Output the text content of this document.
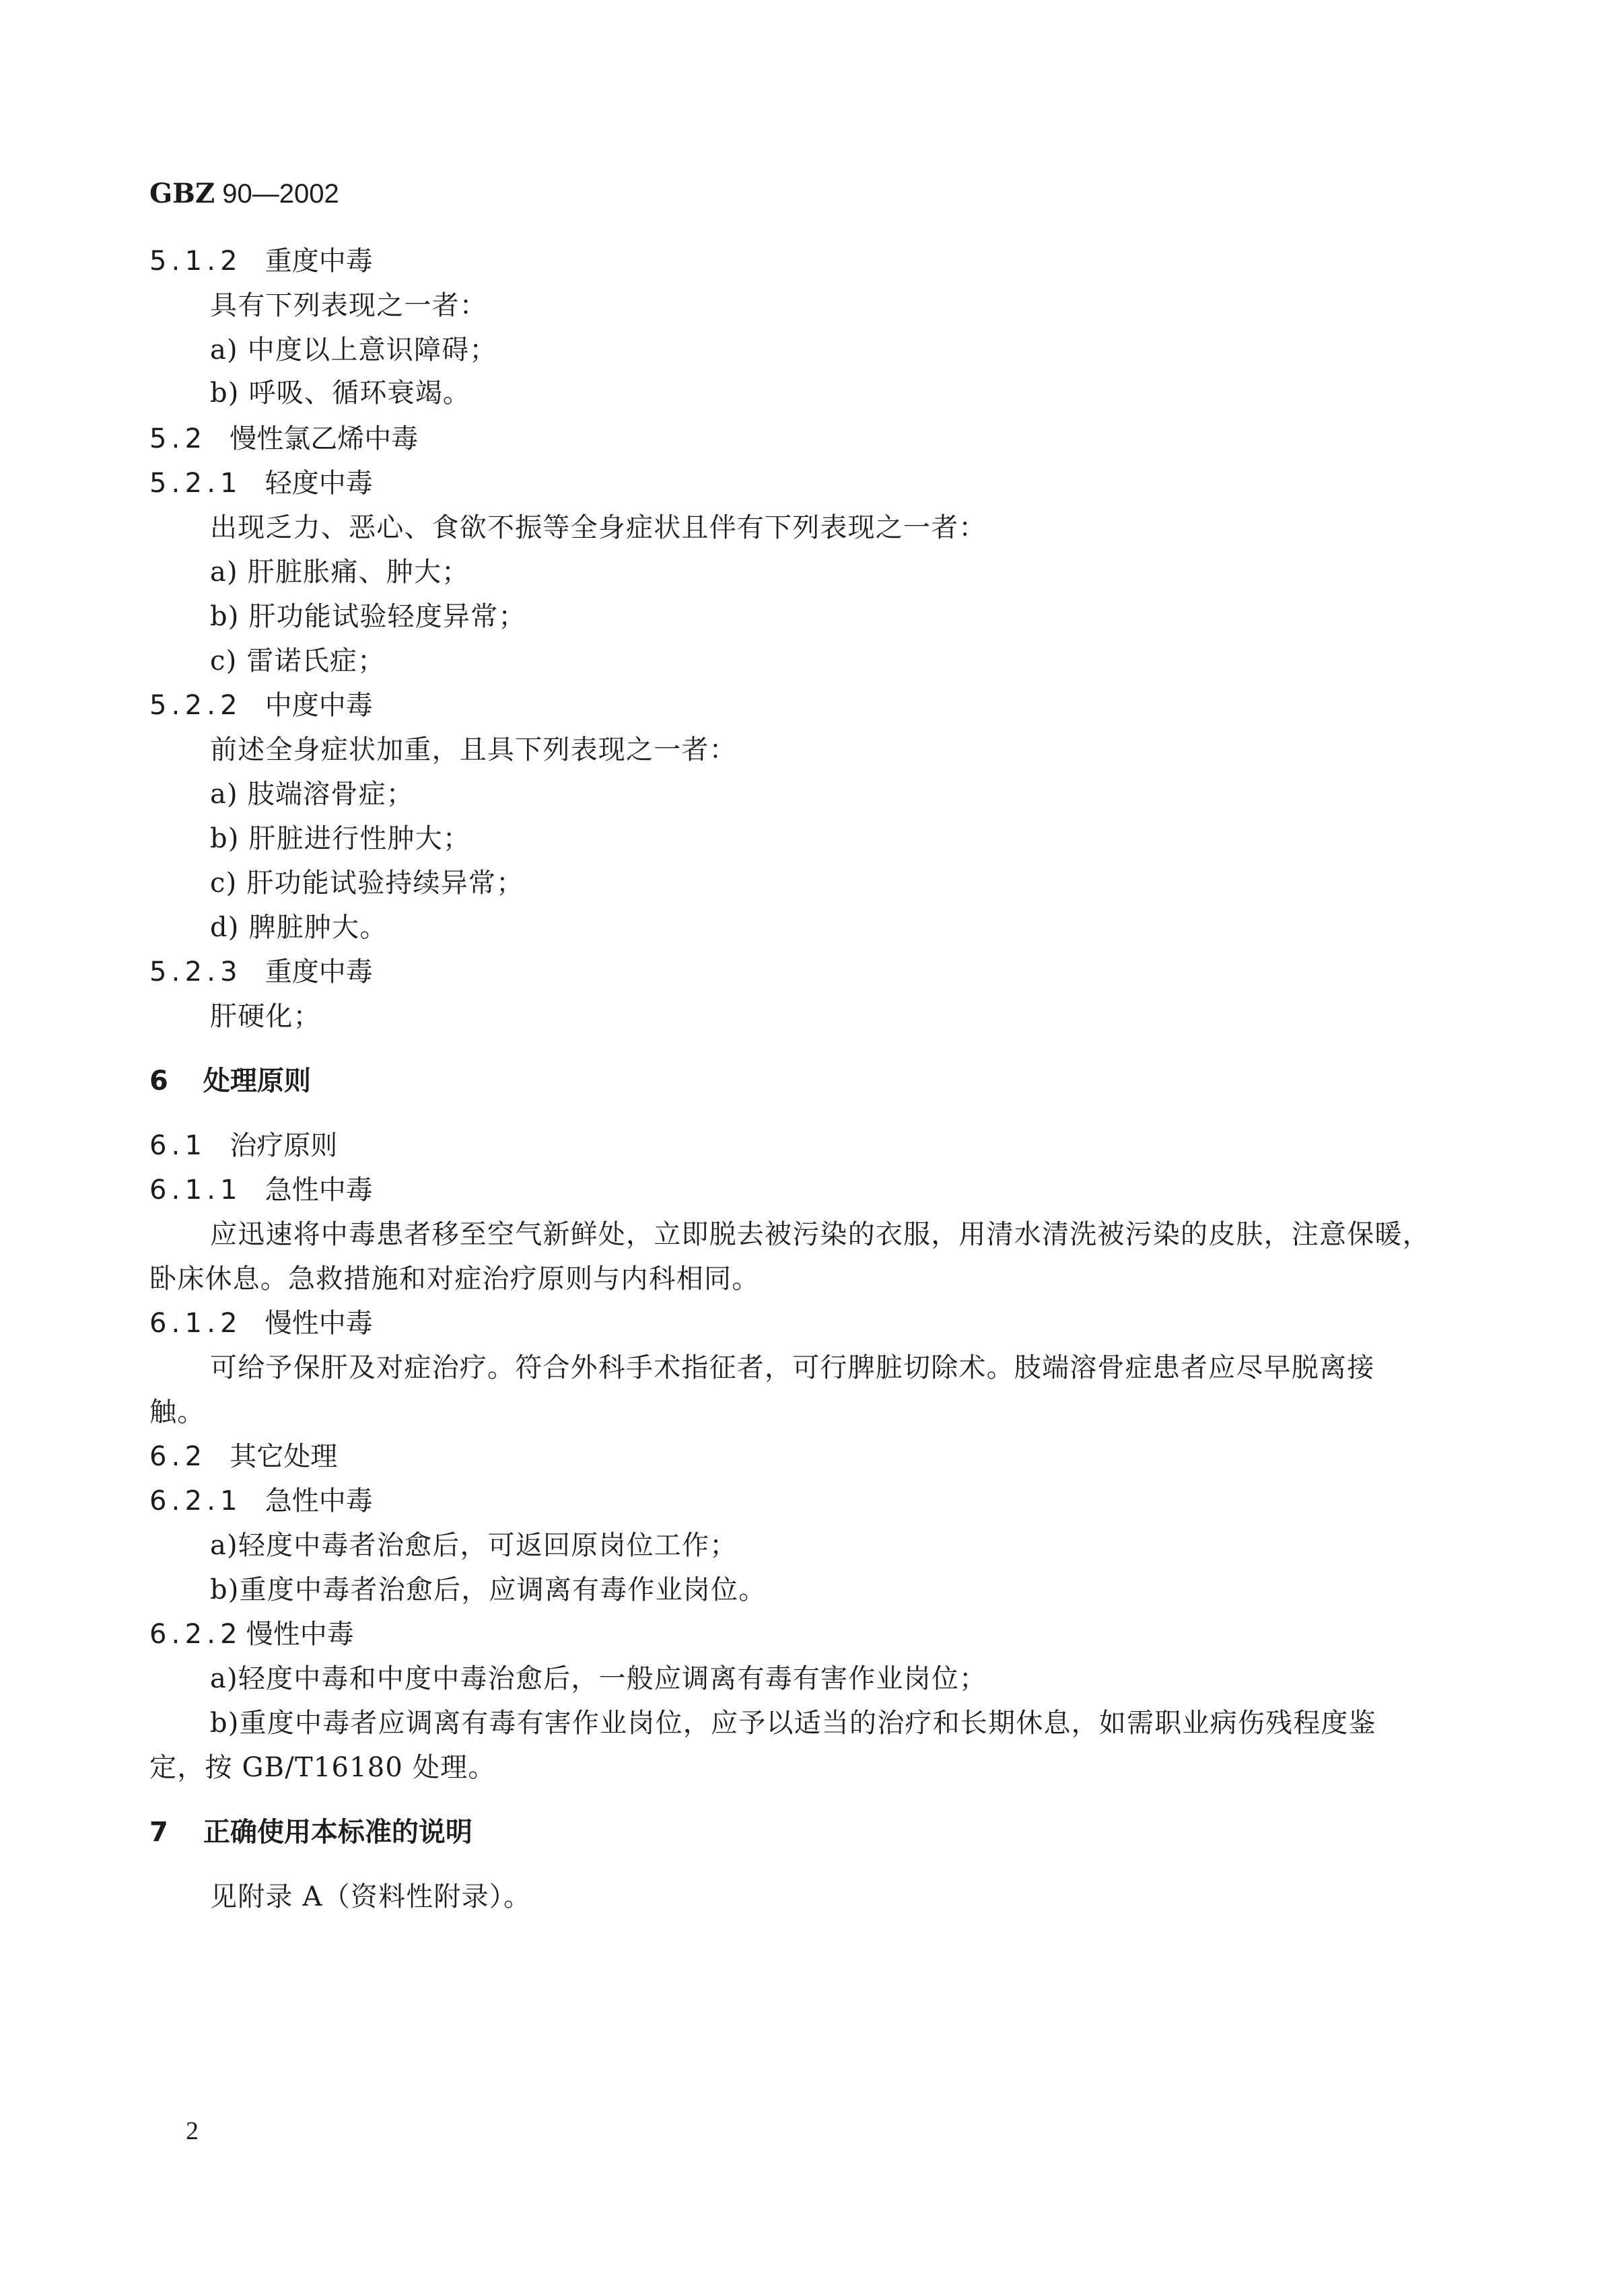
GBZ 90—2002
5.1.2 重度中毒
具有下列表现之一者：
a) 中度以上意识障碍；
b) 呼吸、循环衰竭。
5.2 慢性氯乙烯中毒
5.2.1 轻度中毒
出现乏力、恶心、食欲不振等全身症状且伴有下列表现之一者：
a) 肝脏胀痛、肿大；
b) 肝功能试验轻度异常；
c) 雷诺氏症；
5.2.2 中度中毒
前述全身症状加重，且具下列表现之一者：
a) 肢端溶骨症；
b) 肝脏进行性肿大；
c) 肝功能试验持续异常；
d) 脾脏肿大。
5.2.3 重度中毒
肝硬化；
6 处理原则
6.1 治疗原则
6.1.1 急性中毒
应迅速将中毒患者移至空气新鲜处，立即脱去被污染的衣服，用清水清洗被污染的皮肤，注意保暖，
卧床休息。急救措施和对症治疗原则与内科相同。
6.1.2 慢性中毒
可给予保肝及对症治疗。符合外科手术指征者，可行脾脏切除术。肢端溶骨症患者应尽早脱离接
触。
6.2 其它处理
6.2.1 急性中毒
a)轻度中毒者治愈后，可返回原岗位工作；
b)重度中毒者治愈后，应调离有毒作业岗位。
6.2.2 慢性中毒
a)轻度中毒和中度中毒治愈后，一般应调离有毒有害作业岗位；
b)重度中毒者应调离有毒有害作业岗位，应予以适当的治疗和长期休息，如需职业病伤残程度鉴
定，按 GB/T16180 处理。
7 正确使用本标准的说明
见附录 A（资料性附录）。
2
